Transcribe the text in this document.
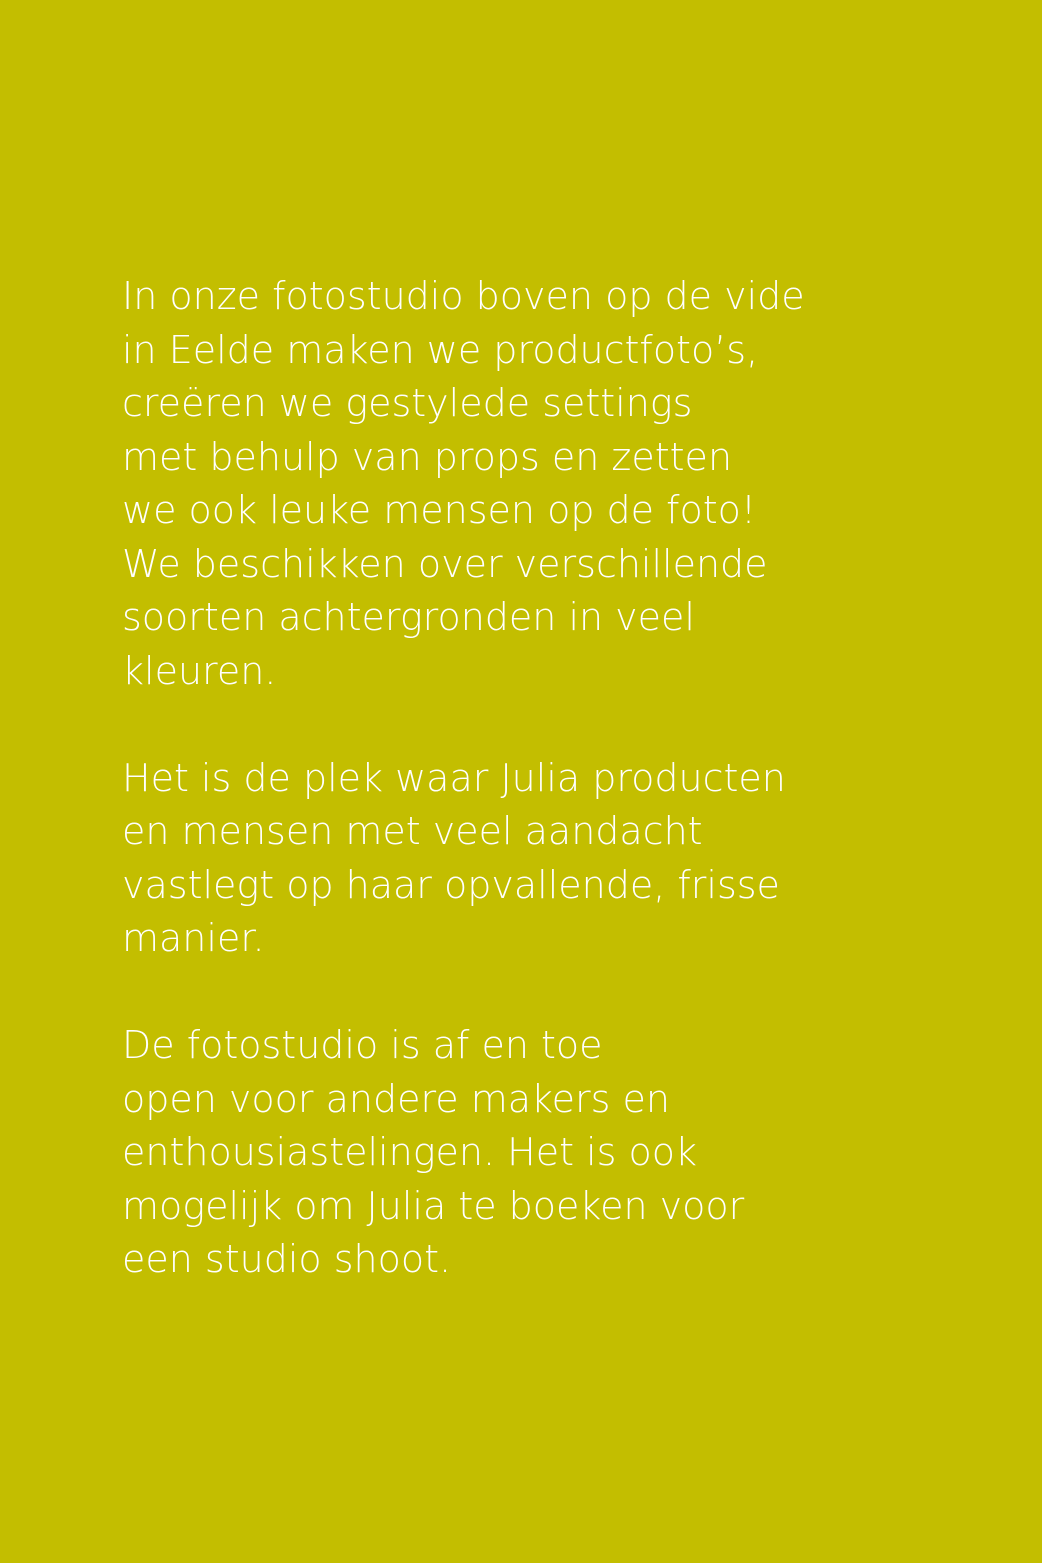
In onze fotostudio boven op de vide
in Eelde maken we productfoto’s,
creëren we gestylede settings
met behulp van props en zetten
we ook leuke mensen op de foto!
We beschikken over verschillende
soorten achtergronden in veel
kleuren.

Het is de plek waar Julia producten
en mensen met veel aandacht
vastlegt op haar opvallende, frisse
manier.

De fotostudio is af en toe
open voor andere makers en
enthousiastelingen. Het is ook
mogelijk om Julia te boeken voor
een studio shoot.
